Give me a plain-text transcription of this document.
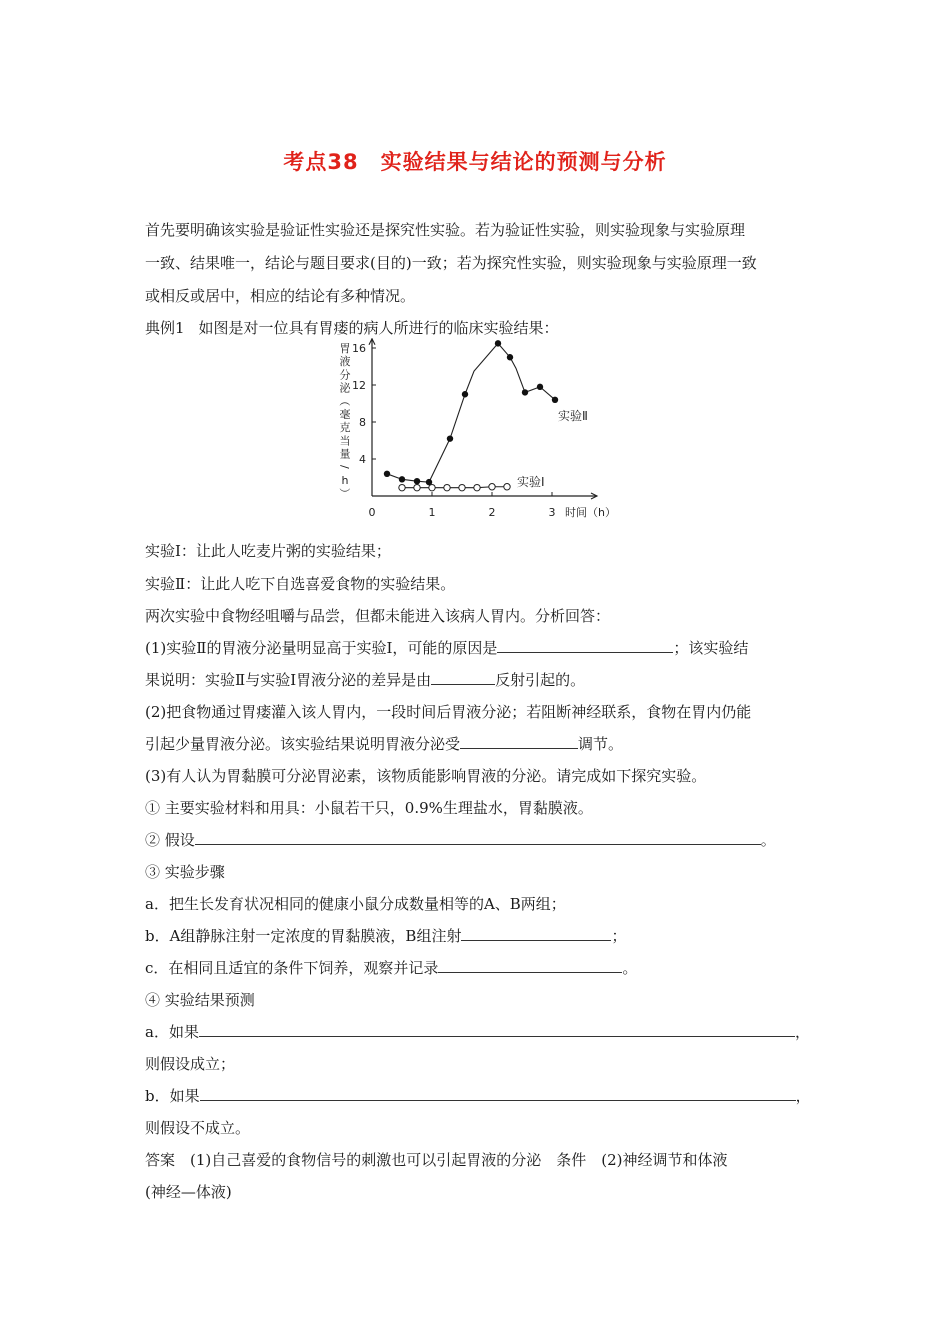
考点38 实验结果与结论的预测与分析
首先要明确该实验是验证性实验还是探究性实验。若为验证性实验，则实验现象与实验原理
一致、结果唯一，结论与题目要求(目的)一致；若为探究性实验，则实验现象与实验原理一致
或相反或居中，相应的结论有多种情况。
典例1 如图是对一位具有胃瘘的病人所进行的临床实验结果：
胃
液
分
泌
（
毫
克
当
量
/
h
）
0	1	2	3
4
8
12
16
时间（h）
实验Ⅱ
实验Ⅰ
实验Ⅰ：让此人吃麦片粥的实验结果；
实验Ⅱ：让此人吃下自选喜爱食物的实验结果。
两次实验中食物经咀嚼与品尝，但都未能进入该病人胃内。分析回答：
(1)实验Ⅱ的胃液分泌量明显高于实验Ⅰ，可能的原因是	；该实验结
果说明：实验Ⅱ与实验Ⅰ胃液分泌的差异是由	反射引起的。
(2)把食物通过胃瘘灌入该人胃内，一段时间后胃液分泌；若阻断神经联系，食物在胃内仍能
引起少量胃液分泌。该实验结果说明胃液分泌受	调节。
(3)有人认为胃黏膜可分泌胃泌素，该物质能影响胃液的分泌。请完成如下探究实验。
① 主要实验材料和用具：小鼠若干只，0.9%生理盐水，胃黏膜液。
② 假设	。
③ 实验步骤
a．把生长发育状况相同的健康小鼠分成数量相等的A、B两组；
b．A组静脉注射一定浓度的胃黏膜液，B组注射	；
c．在相同且适宜的条件下饲养，观察并记录	。
④ 实验结果预测
a．如果	，
则假设成立；
b．如果	，
则假设不成立。
答案　(1)自己喜爱的食物信号的刺激也可以引起胃液的分泌　条件　(2)神经调节和体液
(神经—体液)
